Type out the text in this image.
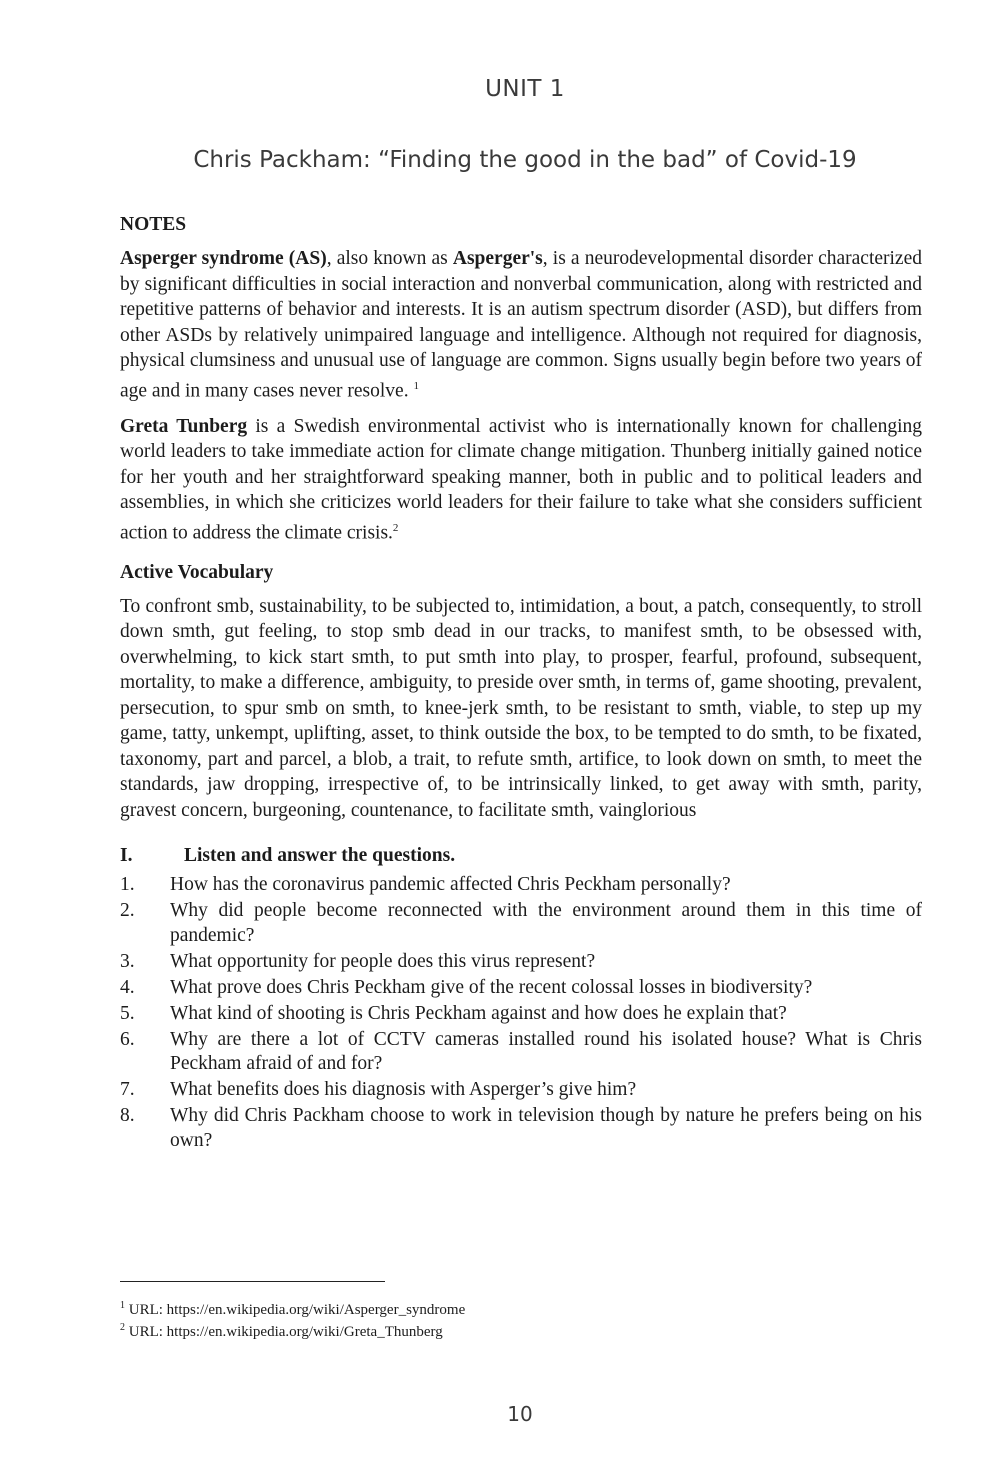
UNIT 1
Chris Packham: “Finding the good in the bad” of Covid-19
NOTES

Asperger syndrome (AS), also known as Asperger's, is a neurodevelopmental disorder characterized by significant difficulties in social interaction and nonverbal communication, along with restricted and repetitive patterns of behavior and interests. It is an autism spectrum disorder (ASD), but differs from other ASDs by relatively unimpaired language and intelligence. Although not required for diagnosis, physical clumsiness and unusual use of language are common. Signs usually begin before two years of age and in many cases never resolve. $^1$

Greta Tunberg is a Swedish environmental activist who is internationally known for challenging world leaders to take immediate action for climate change mitigation. Thunberg initially gained notice for her youth and her straightforward speaking manner, both in public and to political leaders and assemblies, in which she criticizes world leaders for their failure to take what she considers sufficient action to address the climate crisis.$^2$

Active Vocabulary

To confront smb, sustainability, to be subjected to, intimidation, a bout, a patch, consequently, to stroll down smth, gut feeling, to stop smb dead in our tracks, to manifest smth, to be obsessed with, overwhelming, to kick start smth, to put smth into play, to prosper, fearful, profound, subsequent, mortality, to make a difference, ambiguity, to preside over smth, in terms of, game shooting, prevalent, persecution, to spur smb on smth, to knee-jerk smth, to be resistant to smth, viable, to step up my game, tatty, unkempt, uplifting, asset, to think outside the box, to be tempted to do smth, to be fixated, taxonomy, part and parcel, a blob, a trait, to refute smth, artifice, to look down on smth, to meet the standards, jaw dropping, irrespective of, to be intrinsically linked, to get away with smth, parity, gravest concern, burgeoning, countenance, to facilitate smth, vainglorious

I.	Listen and answer the questions.
1.	How has the coronavirus pandemic affected Chris Peckham personally?
2.	Why did people become reconnected with the environment around them in this time of pandemic?
3.	What opportunity for people does this virus represent?
4.	What prove does Chris Peckham give of the recent colossal losses in biodiversity?
5.	What kind of shooting is Chris Peckham against and how does he explain that?
6.	Why are there a lot of CCTV cameras installed round his isolated house? What is Chris Peckham afraid of and for?
7.	What benefits does his diagnosis with Asperger’s give him?
8.	Why did Chris Packham choose to work in television though by nature he prefers being on his own?
$^1$ URL: https://en.wikipedia.org/wiki/Asperger_syndrome
$^2$ URL: https://en.wikipedia.org/wiki/Greta_Thunberg
10
